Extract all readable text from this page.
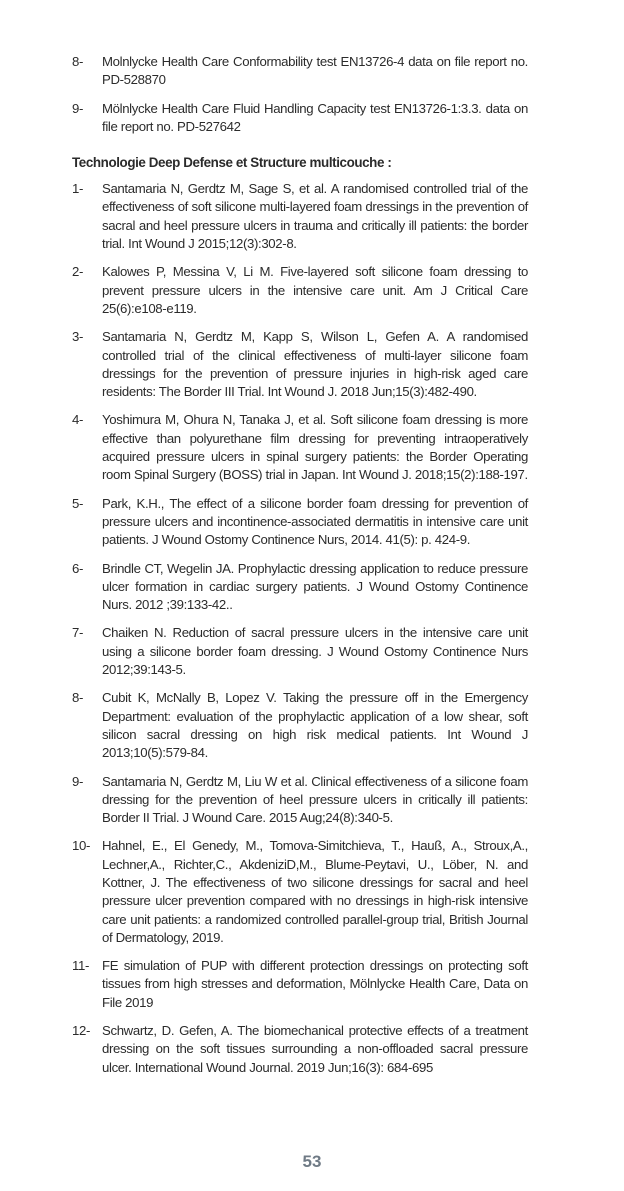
8-	Molnlycke Health Care Conformability test EN13726-4 data on file report no. PD-528870
9-	Mölnlycke Health Care Fluid Handling Capacity test EN13726-1:3.3. data on file report no. PD-527642
Technologie Deep Defense et Structure multicouche :
1-	Santamaria N, Gerdtz M, Sage S, et al. A randomised controlled trial of the effectiveness of soft silicone multi-layered foam dressings in the prevention of sacral and heel pressure ulcers in trauma and critically ill patients: the border trial. Int Wound J 2015;12(3):302-8.
2-	Kalowes P, Messina V, Li M. Five-layered soft silicone foam dressing to prevent pressure ulcers in the intensive care unit. Am J Critical Care 25(6):e108-e119.
3-	Santamaria N, Gerdtz M, Kapp S, Wilson L, Gefen A. A randomised controlled trial of the clinical effectiveness of multi-layer silicone foam dressings for the prevention of pressure injuries in high-risk aged care residents: The Border III Trial. Int Wound J. 2018 Jun;15(3):482-490.
4-	Yoshimura M, Ohura N, Tanaka J, et al. Soft silicone foam dressing is more effective than polyurethane film dressing for preventing intraoperatively acquired pressure ulcers in spinal surgery patients: the Border Operating room Spinal Surgery (BOSS) trial in Japan. Int Wound J. 2018;15(2):188-197.
5-	Park, K.H., The effect of a silicone border foam dressing for prevention of pressure ulcers and incontinence-associated dermatitis in intensive care unit patients. J Wound Ostomy Continence Nurs, 2014. 41(5): p. 424-9.
6-	Brindle CT, Wegelin JA. Prophylactic dressing application to reduce pressure ulcer formation in cardiac surgery patients. J Wound Ostomy Continence Nurs. 2012 ;39:133-42..
7-	Chaiken N. Reduction of sacral pressure ulcers in the intensive care unit using a silicone border foam dressing. J Wound Ostomy Continence Nurs 2012;39:143-5.
8-	Cubit K, McNally B, Lopez V. Taking the pressure off in the Emergency Department: evaluation of the prophylactic application of a low shear, soft silicon sacral dressing on high risk medical patients. Int Wound J 2013;10(5):579-84.
9-	Santamaria N, Gerdtz M, Liu W et al. Clinical effectiveness of a silicone foam dressing for the prevention of heel pressure ulcers in critically ill patients: Border II Trial. J Wound Care. 2015 Aug;24(8):340-5.
10- Hahnel, E., El Genedy, M., Tomova-Simitchieva, T., Hauß, A., Stroux,A., Lechner,A., Richter,C., AkdeniziD,M., Blume-Peytavi, U., Löber, N. and Kottner, J. The effectiveness of two silicone dressings for sacral and heel pressure ulcer prevention compared with no dressings in high-risk intensive care unit patients: a randomized controlled parallel-group trial, British Journal of Dermatology, 2019.
11- FE simulation of PUP with different protection dressings on protecting soft tissues from high stresses and deformation, Mölnlycke Health Care, Data on File 2019
12- Schwartz, D. Gefen, A. The biomechanical protective effects of a treatment dressing on the soft tissues surrounding a non-offloaded sacral pressure ulcer. International Wound Journal. 2019 Jun;16(3): 684-695
53
